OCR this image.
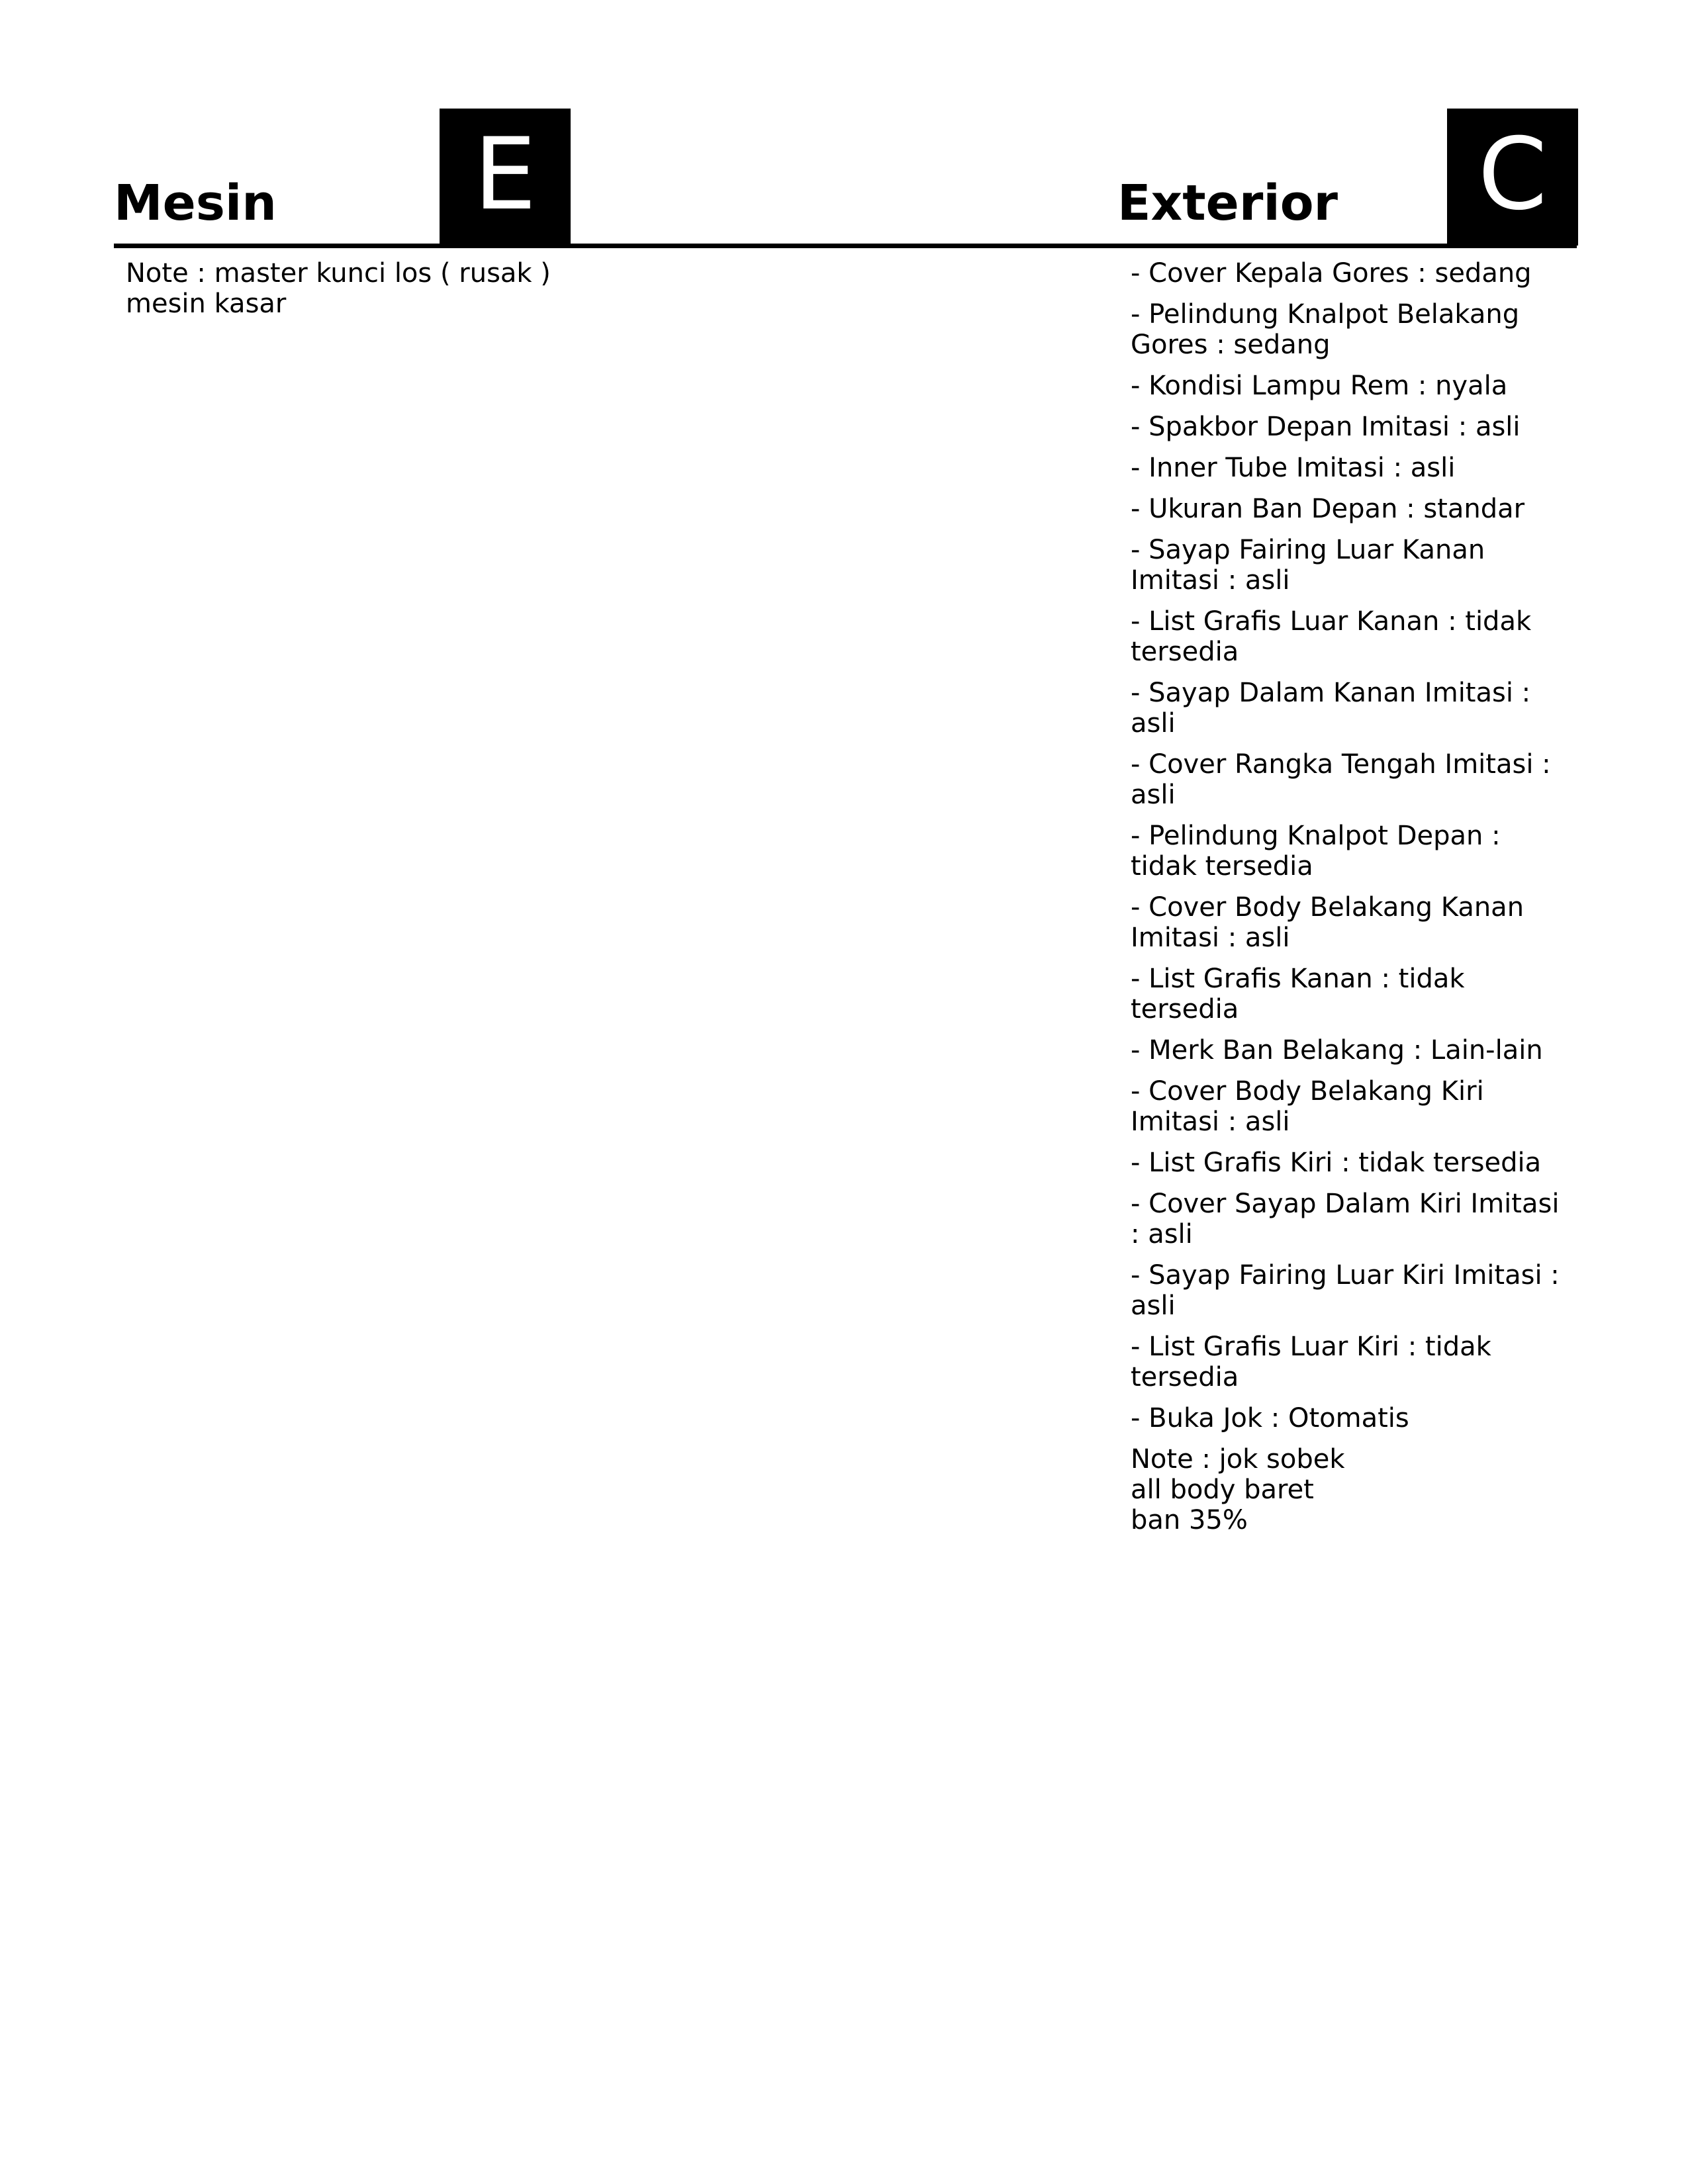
Mesin	E	Exterior	C

Note : master kunci los ( rusak )
mesin kasar

- Cover Kepala Gores : sedang
- Pelindung Knalpot Belakang Gores : sedang
- Kondisi Lampu Rem : nyala
- Spakbor Depan Imitasi : asli
- Inner Tube Imitasi : asli
- Ukuran Ban Depan : standar
- Sayap Fairing Luar Kanan Imitasi : asli
- List Grafis Luar Kanan : tidak tersedia
- Sayap Dalam Kanan Imitasi : asli
- Cover Rangka Tengah Imitasi : asli
- Pelindung Knalpot Depan : tidak tersedia
- Cover Body Belakang Kanan Imitasi : asli
- List Grafis Kanan : tidak tersedia
- Merk Ban Belakang : Lain-lain
- Cover Body Belakang Kiri Imitasi : asli
- List Grafis Kiri : tidak tersedia
- Cover Sayap Dalam Kiri Imitasi : asli
- Sayap Fairing Luar Kiri Imitasi : asli
- List Grafis Luar Kiri : tidak tersedia
- Buka Jok : Otomatis

Note : jok sobek
all body baret
ban 35%
